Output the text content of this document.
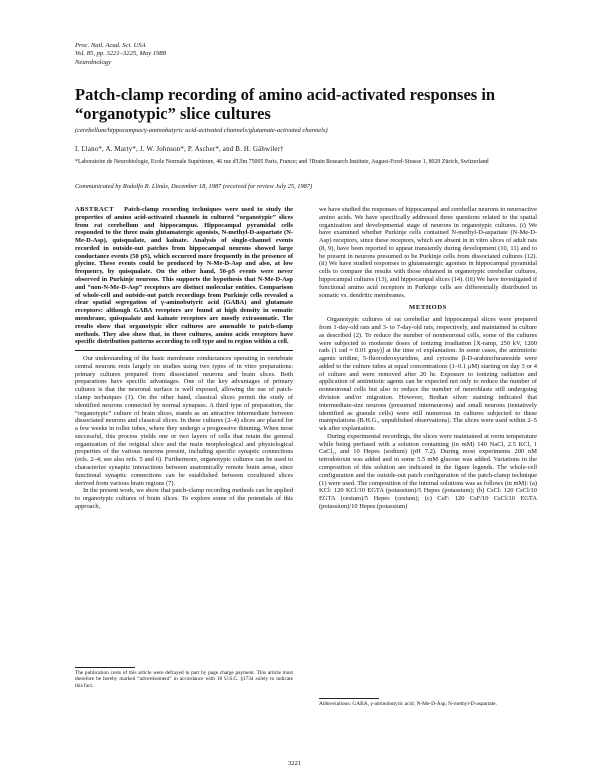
Proc. Natl. Acad. Sci. USA
Vol. 85, pp. 3221–3225, May 1988
Neurobiology
Patch-clamp recording of amino acid-activated responses in “organotypic” slice cultures
(cerebellum/hippocampus/γ-aminobutyric acid-activated channels/glutamate-activated channels)
I. Llano*, A. Marty*, J. W. Johnson*, P. Ascher*, and B. H. Gähwiler†
*Laboratoire de Neurobiologie, Ecole Normale Supérieure, 46 rue d'Ulm 75005 Paris, France; and †Brain Research Institute, August-Forel-Strasse 1, 8029 Zürich, Switzerland
Communicated by Rodolfo R. Llinás, December 18, 1987 (received for review July 25, 1987)

ABSTRACT Patch-clamp recording techniques were used to study the properties of amino acid-activated channels in cultured “organotypic” slices from rat cerebellum and hippocampus. Hippocampal pyramidal cells responded to the three main glutamatergic agonists, N-methyl-D-aspartate (N-Me-D-Asp), quisqualate, and kainate. Analysis of single-channel events recorded in outside-out patches from hippocampal neurons showed large conductance events (50 pS), which occurred more frequently in the presence of glycine. These events could be produced by N-Me-D-Asp and also, at low frequency, by quisqualate. On the other hand, 50-pS events were never observed in Purkinje neurons. This supports the hypothesis that N-Me-D-Asp and “non-N-Me-D-Asp” receptors are distinct molecular entities. Comparison of whole-cell and outside-out patch recordings from Purkinje cells revealed a clear spatial segregation of γ-aminobutyric acid (GABA) and glutamate receptors: although GABA receptors are found at high density in somatic membrane, quisqualate and kainate receptors are mostly extrasomatic. The results show that organotypic slice cultures are amenable to patch-clamp methods. They also show that, in these cultures, amino acids receptors have specific distribution patterns according to cell type and to region within a cell.

Our understanding of the basic membrane conductances operating in vertebrate central neurons rests largely on studies using two types of in vitro preparations: primary cultures prepared from dissociated neurons and brain slices. Both preparations have specific advantages. One of the key advantages of primary cultures is that the neuronal surface is well exposed, allowing the use of patch-clamp techniques (1). On the other hand, classical slices permit the study of identified neurons connected by normal synapses. A third type of preparation, the “organotypic” culture of brain slices, stands as an attractive intermediate between dissociated neurons and classical slices. In these cultures (2–4) slices are placed for a few weeks in roller tubes, where they undergo a progressive thinning. When most successful, this process yields one or two layers of cells that retain the general organization of the original slice and the main morphological and physiological properties of the various neurons present, including specific synaptic connections (refs. 2–4; see also refs. 5 and 6). Furthermore, organotypic cultures can be used to characterize synaptic interactions between anatomically remote brain areas, since functional synaptic connections can be established between cocultured slices derived from various brain regions (7).

In the present work, we show that patch-clamp recording methods can be applied to organotypic cultures of brain slices. To explore some of the potentials of this approach,

we have studied the responses of hippocampal and cerebellar neurons to neuroactive amino acids. We have specifically addressed three questions related to the spatial organization and developmental stage of neurons in organotypic cultures. (i) We have examined whether Purkinje cells contained N-methyl-D-aspartate (N-Me-D-Asp) receptors, since these receptors, which are absent in in vitro slices of adult rats (8, 9), have been reported to appear transiently during development (10, 11) and to be present in neurons presumed to be Purkinje cells from dissociated cultures (12). (ii) We have studied responses to glutamatergic agonists in hippocampal pyramidal cells to compare the results with those obtained in organotypic cerebellar cultures, hippocampal cultures (13), and hippocampal slices (14). (iii) We have investigated if functional amino acid receptors in Purkinje cells are differentially distributed in somatic vs. dendritic membranes.

METHODS

Organotypic cultures of rat cerebellar and hippocampal slices were prepared from 1-day-old rats and 3- to 7-day-old rats, respectively, and maintained in culture as described (2). To reduce the number of nonneuronal cells, some of the cultures were subjected to moderate doses of ionizing irradiation [X-ramp, 250 kV, 1200 rads (1 rad = 0.01 gray)] at the time of explantation. In some cases, the antimitotic agents uridine, 5-fluorodeoxyuridine, and cytosine β-D-arabinofuranoside were added to the culture tubes at equal concentrations (1–0.1 μM) starting on day 3 or 4 of culture and were removed after 20 hr. Exposure to ionizing radiation and application of antimitotic agents can be expected not only to reduce the number of nonneuronal cells but also to reduce the number of neuroblasts still undergoing division and/or migration. However, Bodian silver staining indicated that intermediate-size neurons (presumed interneurons) and small neurons (tentatively identified as granule cells) were still numerous in cultures subjected to these manipulations (B.H.G., unpublished observations). The slices were used within 2–5 wk after explantation.

During experimental recordings, the slices were maintained at room temperature while being perfused with a solution containing (in mM) 140 NaCl, 2.5 KCl, 1 CaCl₂, and 10 Hepes (sodium) (pH 7.2). During most experiments 200 nM tetrodotoxin was added and in some 5.5 mM glucose was added. Variations in the composition of this solution are indicated in the figure legends. The whole-cell configuration and the outside-out patch configuration of the patch-clamp technique (1) were used. The composition of the internal solutions was as follows (in mM): (a) KCl: 120 KCl/10 EGTA (potassium)/5 Hepes (potassium); (b) CsCl: 120 CsCl/10 EGTA (cesium)/5 Hepes (cesium); (c) CsF: 120 CsF/10 CsCl/10 EGTA (potassium)/10 Hepes (potassium)

The publication costs of this article were defrayed in part by page charge payment. This article must therefore be hereby marked “advertisement” in accordance with 18 U.S.C. §1734 solely to indicate this fact.
Abbreviations: GABA, γ-aminobutyric acid; N-Me-D-Asp, N-methyl-D-aspartate.
3221
